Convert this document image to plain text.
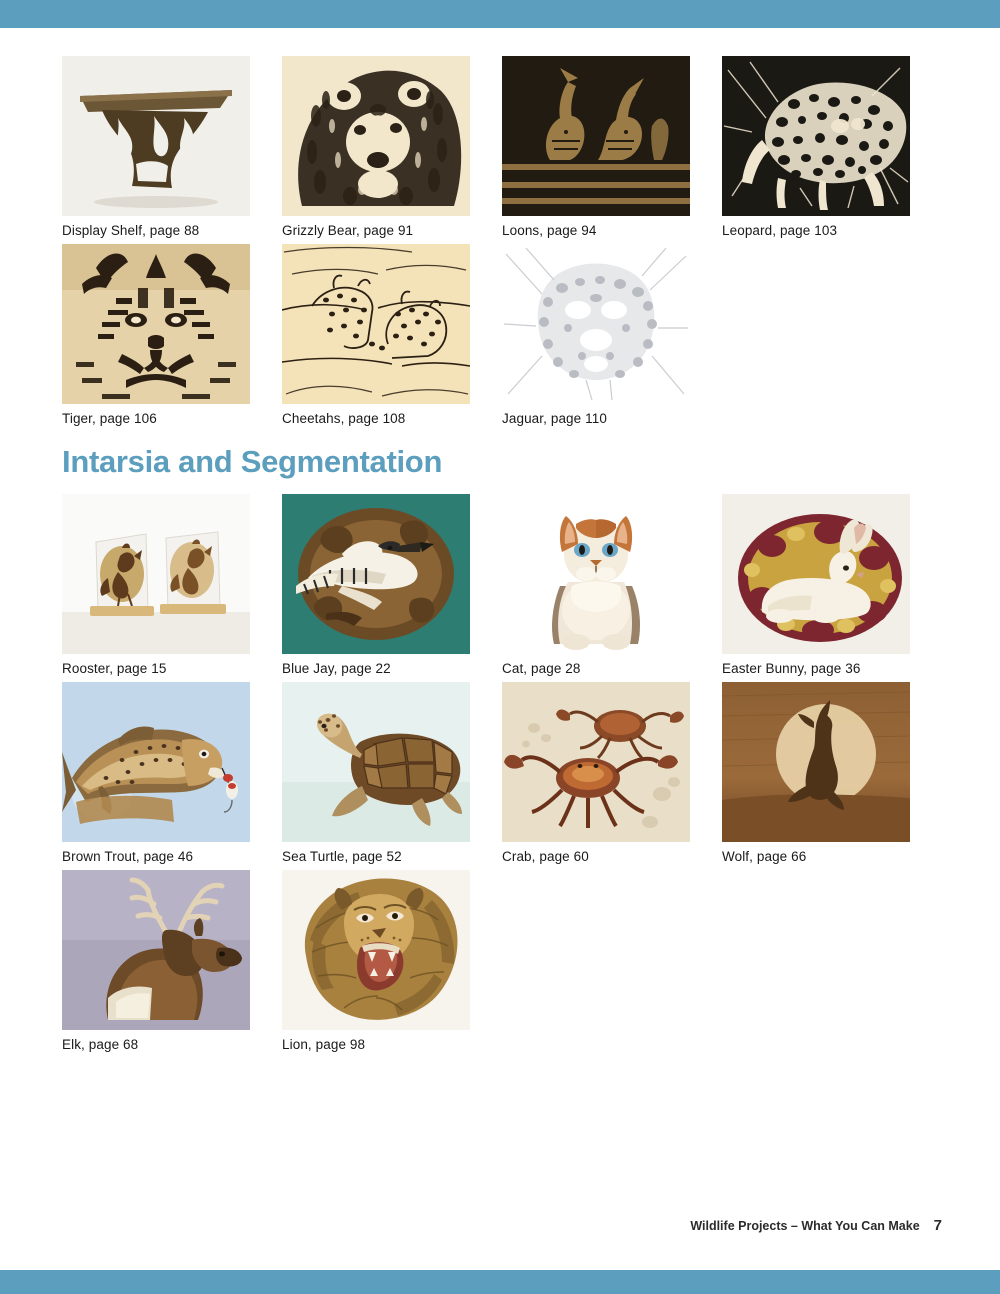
Display Shelf, page 88	Grizzly Bear, page 91	Loons, page 94	Leopard, page 103
Tiger, page 106	Cheetahs, page 108	Jaguar, page 110
Intarsia and Segmentation
Rooster, page 15	Blue Jay, page 22	Cat, page 28	Easter Bunny, page 36
Brown Trout, page 46	Sea Turtle, page 52	Crab, page 60	Wolf, page 66
Elk, page 68	Lion, page 98
Wildlife Projects – What You Can Make 7
